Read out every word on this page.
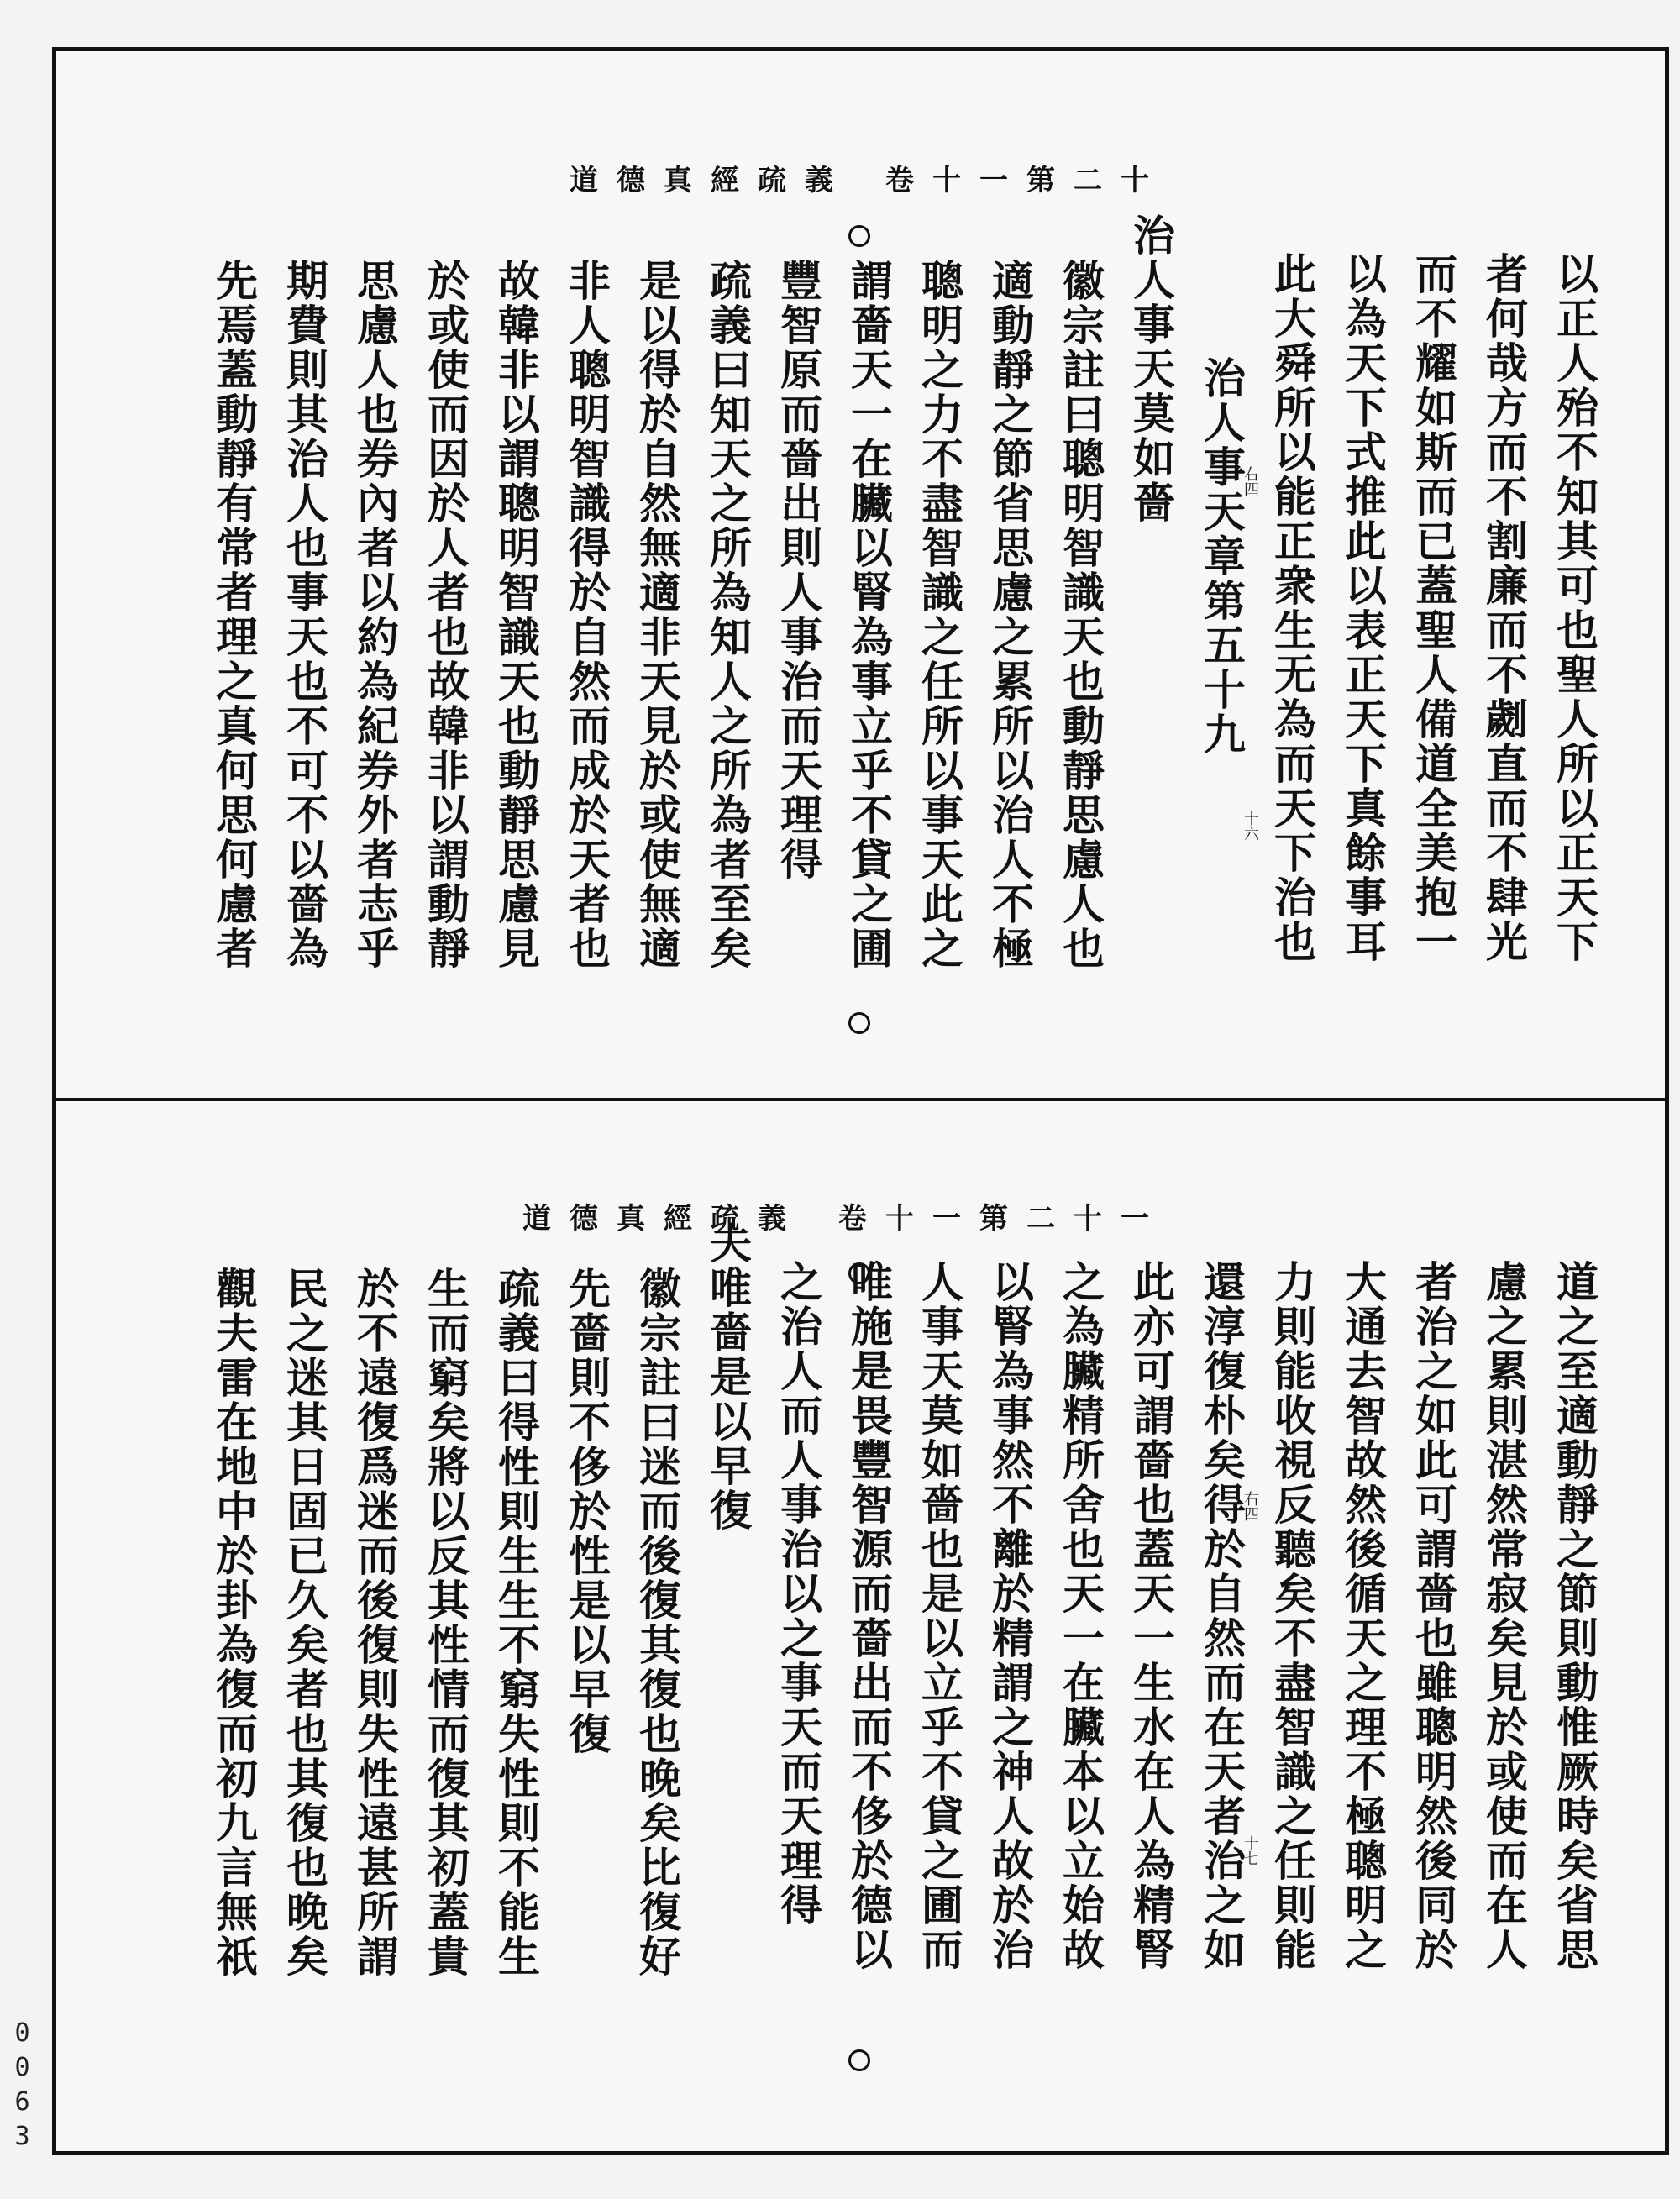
道德真經疏義 卷十一第二十
道德真經疏義 卷十一第二十一
右四
十六
右四
十七
以正人殆不知其可也聖人所以正天下
者何哉方而不割廉而不劌直而不肆光
而不耀如斯而已蓋聖人備道全美抱一
以為天下式推此以表正天下真餘事耳
此大舜所以能正衆生无為而天下治也
治人事天章第五十九
治人事天莫如嗇
徽宗註曰聰明智識天也動靜思慮人也
適動靜之節省思慮之累所以治人不極
聰明之力不盡智識之任所以事天此之
謂嗇天一在臟以腎為事立乎不貸之圃
豐智原而嗇出則人事治而天理得
疏義曰知天之所為知人之所為者至矣
是以得於自然無適非天見於或使無適
非人聰明智識得於自然而成於天者也
故韓非以謂聰明智識天也動靜思慮見
於或使而因於人者也故韓非以謂動靜
思慮人也券內者以約為紀券外者志乎
期費則其治人也事天也不可不以嗇為
先焉蓋動靜有常者理之真何思何慮者
道之至適動靜之節則動惟厥時矣省思
慮之累則湛然常寂矣見於或使而在人
者治之如此可謂嗇也雖聰明然後同於
大通去智故然後循天之理不極聰明之
力則能收視反聽矣不盡智識之任則能
還淳復朴矣得於自然而在天者治之如
此亦可謂嗇也蓋天一生水在人為精腎
之為臟精所舍也天一在臟本以立始故
以腎為事然不離於精謂之神人故於治
人事天莫如嗇也是以立乎不貸之圃而
唯施是畏豐智源而嗇出而不侈於德以
之治人而人事治以之事天而天理得
夫唯嗇是以早復
徽宗註曰迷而後復其復也晚矣比復好
先嗇則不侈於性是以早復
疏義曰得性則生生不窮失性則不能生
生而窮矣將以反其性情而復其初蓋貴
於不遠復爲迷而後復則失性遠甚所謂
民之迷其日固已久矣者也其復也晚矣
觀夫雷在地中於卦為復而初九言無祇
0063
